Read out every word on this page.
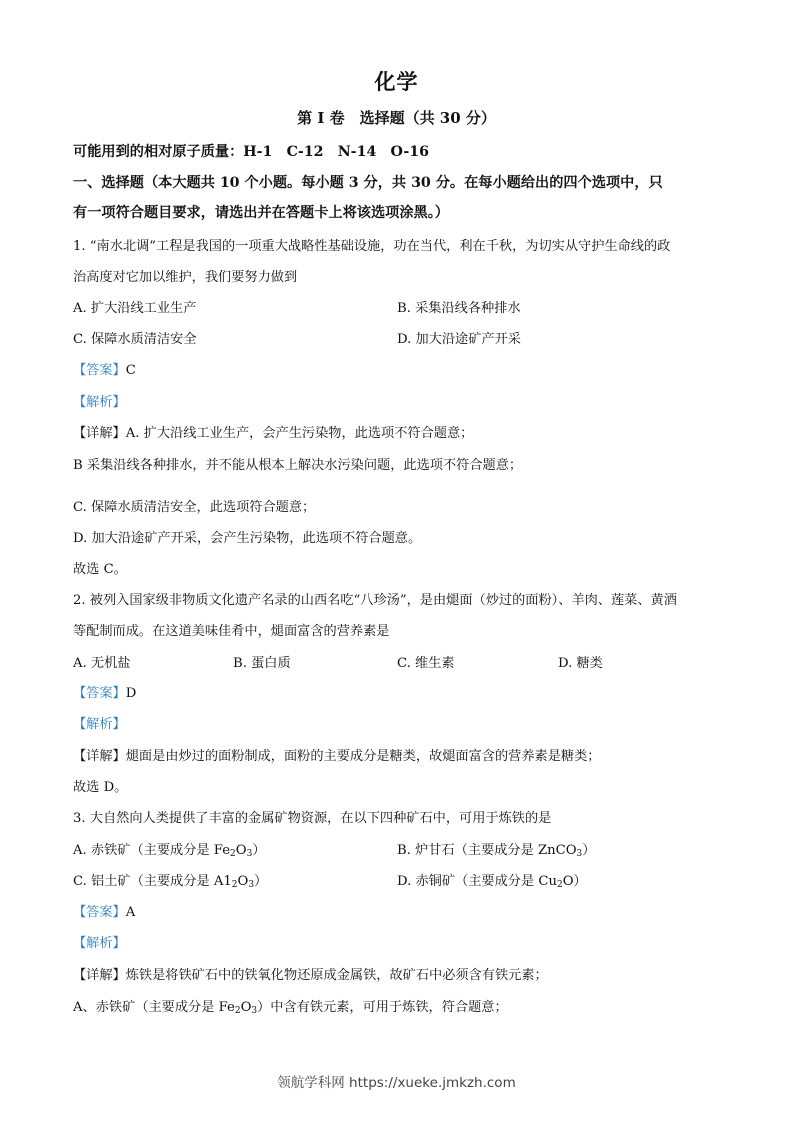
化学
第 I 卷　选择题（共 30 分）
可能用到的相对原子质量：H-1　C-12　N-14　O-16
一、选择题（本大题共 10 个小题。每小题 3 分，共 30 分。在每小题给出的四个选项中，只
有一项符合题目要求，请选出并在答题卡上将该选项涂黑。）
1. “南水北调”工程是我国的一项重大战略性基础设施，功在当代，利在千秋，为切实从守护生命线的政
治高度对它加以维护，我们要努力做到
A. 扩大沿线工业生产	B. 采集沿线各种排水
C. 保障水质清洁安全	D. 加大沿途矿产开采
【答案】C
【解析】
【详解】A. 扩大沿线工业生产，会产生污染物，此选项不符合题意；
B 采集沿线各种排水，并不能从根本上解决水污染问题，此选项不符合题意；
C. 保障水质清洁安全，此选项符合题意；
D. 加大沿途矿产开采，会产生污染物，此选项不符合题意。
故选 C。
2. 被列入国家级非物质文化遗产名录的山西名吃“八珍汤”，是由煺面（炒过的面粉）、羊肉、莲菜、黄酒
等配制而成。在这道美味佳肴中，煺面富含的营养素是
A. 无机盐	B. 蛋白质	C. 维生素	D. 糖类
【答案】D
【解析】
【详解】煺面是由炒过的面粉制成，面粉的主要成分是糖类，故煺面富含的营养素是糖类；
故选 D。
3. 大自然向人类提供了丰富的金属矿物资源，在以下四种矿石中，可用于炼铁的是
A. 赤铁矿（主要成分是 $Fe_2O_3$）	B. 炉甘石（主要成分是 ZnCO$_3$）
C. 铝土矿（主要成分是 $A1_2O_3$）	D. 赤铜矿（主要成分是 $Cu_2O$）
【答案】A
【解析】
【详解】炼铁是将铁矿石中的铁氧化物还原成金属铁，故矿石中必须含有铁元素；
A、赤铁矿（主要成分是 $Fe_2O_3$）中含有铁元素，可用于炼铁，符合题意；
领航学科网 https://xueke.jmkzh.com
